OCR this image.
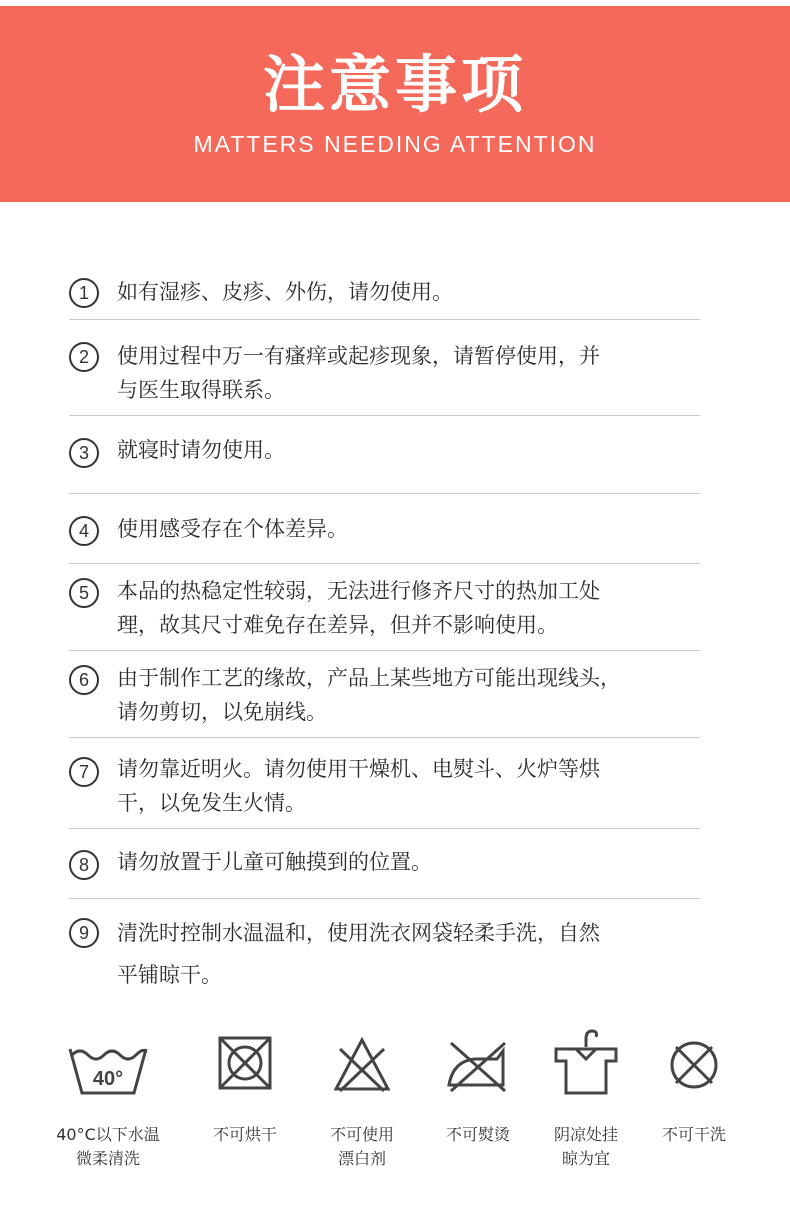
注意事项
MATTERS NEEDING ATTENTION
1	如有湿疹、皮疹、外伤，请勿使用。
2	使用过程中万一有瘙痒或起疹现象，请暂停使用，并
与医生取得联系。
3	就寝时请勿使用。
4	使用感受存在个体差异。
5	本品的热稳定性较弱，无法进行修齐尺寸的热加工处
理，故其尺寸难免存在差异，但并不影响使用。
6	由于制作工艺的缘故，产品上某些地方可能出现线头，
请勿剪切，以免崩线。
7	请勿靠近明火。请勿使用干燥机、电熨斗、火炉等烘
干，以免发生火情。
8	请勿放置于儿童可触摸到的位置。
9	清洗时控制水温温和，使用洗衣网袋轻柔手洗，自然
平铺晾干。
40°
40°C以下水温
微柔清洗
不可烘干	不可使用
漂白剂
不可熨烫	阴凉处挂
晾为宜
不可干洗
